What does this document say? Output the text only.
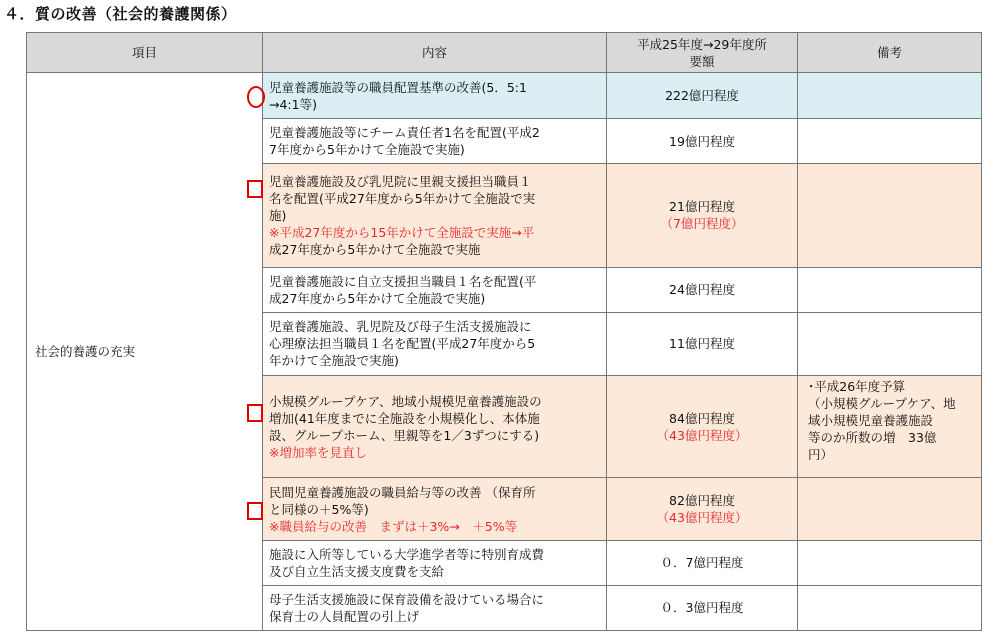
４．質の改善（社会的養護関係）
項目	内容	平成25年度→29年度所
要額	備考
社会的養護の充実	児童養護施設等の職員配置基準の改善(5．5:1
→4:1等)	222億円程度	

	児童養護施設等にチーム責任者1名を配置(平成2
7年度から5年かけて全施設で実施)	19億円程度	

	児童養護施設及び乳児院に里親支援担当職員１
名を配置(平成27年度から5年かけて全施設で実
施)
※平成27年度から15年かけて全施設で実施→平
成27年度から5年かけて全施設で実施	21億円程度
（7億円程度）	

	児童養護施設に自立支援担当職員１名を配置(平
成27年度から5年かけて全施設で実施)	24億円程度	

	児童養護施設、乳児院及び母子生活支援施設に
心理療法担当職員１名を配置(平成27年度から5
年かけて全施設で実施)	11億円程度	

	小規模グループケア、地域小規模児童養護施設の
増加(41年度までに全施設を小規模化し、本体施
設、グループホーム、里親等を1／3ずつにする)
※増加率を見直し	84億円程度
（43億円程度）	･平成26年度予算
（小規模グループケア、地
域小規模児童養護施設
等のか所数の増　33億
円）

	民間児童養護施設の職員給与等の改善 （保育所
と同様の＋5%等)
※職員給与の改善　まずは＋3%→　＋5%等	82億円程度
（43億円程度）	

	施設に入所等している大学進学者等に特別育成費
及び自立生活支援支度費を支給	０．7億円程度	

	母子生活支援施設に保育設備を設けている場合に
保育士の人員配置の引上げ	０．3億円程度	
